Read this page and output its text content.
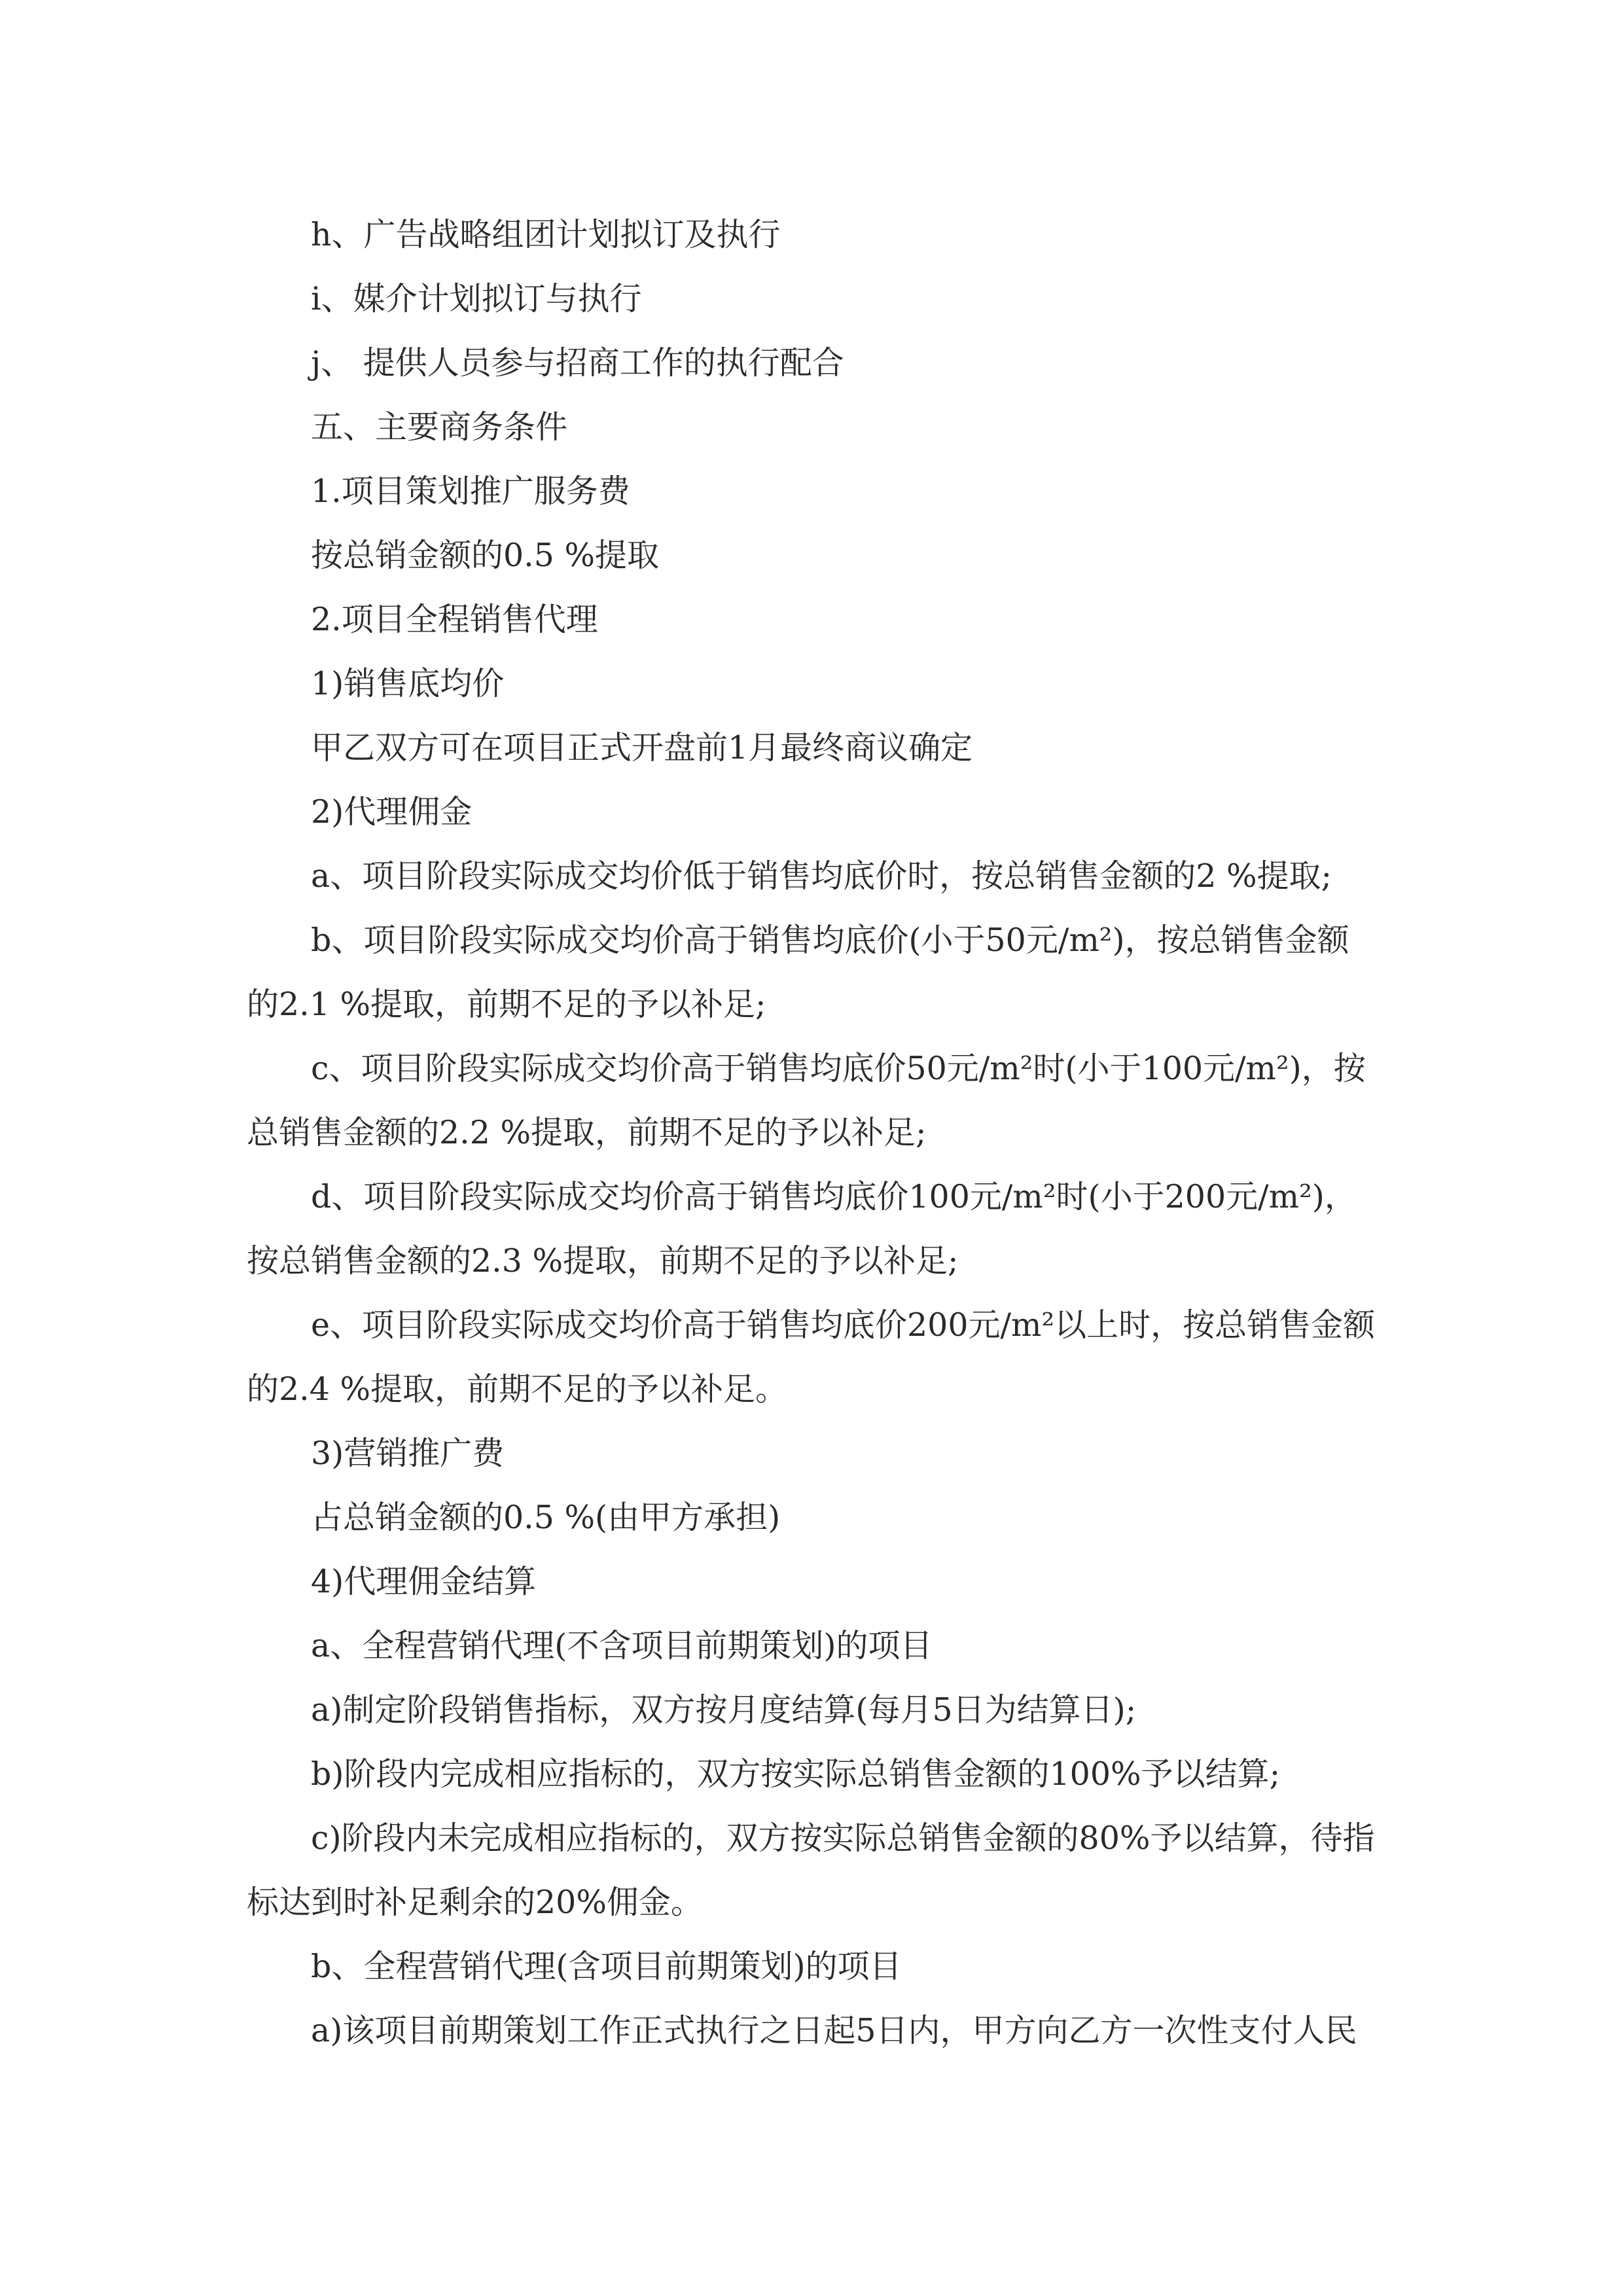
h、广告战略组团计划拟订及执行
i、媒介计划拟订与执行
j、 提供人员参与招商工作的执行配合
五、主要商务条件
1.项目策划推广服务费
按总销金额的0.5 %提取
2.项目全程销售代理
1)销售底均价
甲乙双方可在项目正式开盘前1月最终商议确定
2)代理佣金
a、项目阶段实际成交均价低于销售均底价时，按总销售金额的2 %提取;
b、项目阶段实际成交均价高于销售均底价(小于50元/m²)，按总销售金额
的2.1 %提取，前期不足的予以补足;
c、项目阶段实际成交均价高于销售均底价50元/m²时(小于100元/m²)，按
总销售金额的2.2 %提取，前期不足的予以补足;
d、项目阶段实际成交均价高于销售均底价100元/m²时(小于200元/m²)，
按总销售金额的2.3 %提取，前期不足的予以补足;
e、项目阶段实际成交均价高于销售均底价200元/m²以上时，按总销售金额
的2.4 %提取，前期不足的予以补足。
3)营销推广费
占总销金额的0.5 %(由甲方承担)
4)代理佣金结算
a、全程营销代理(不含项目前期策划)的项目
a)制定阶段销售指标，双方按月度结算(每月5日为结算日);
b)阶段内完成相应指标的，双方按实际总销售金额的100%予以结算;
c)阶段内未完成相应指标的，双方按实际总销售金额的80%予以结算，待指
标达到时补足剩余的20%佣金。
b、全程营销代理(含项目前期策划)的项目
a)该项目前期策划工作正式执行之日起5日内，甲方向乙方一次性支付人民
